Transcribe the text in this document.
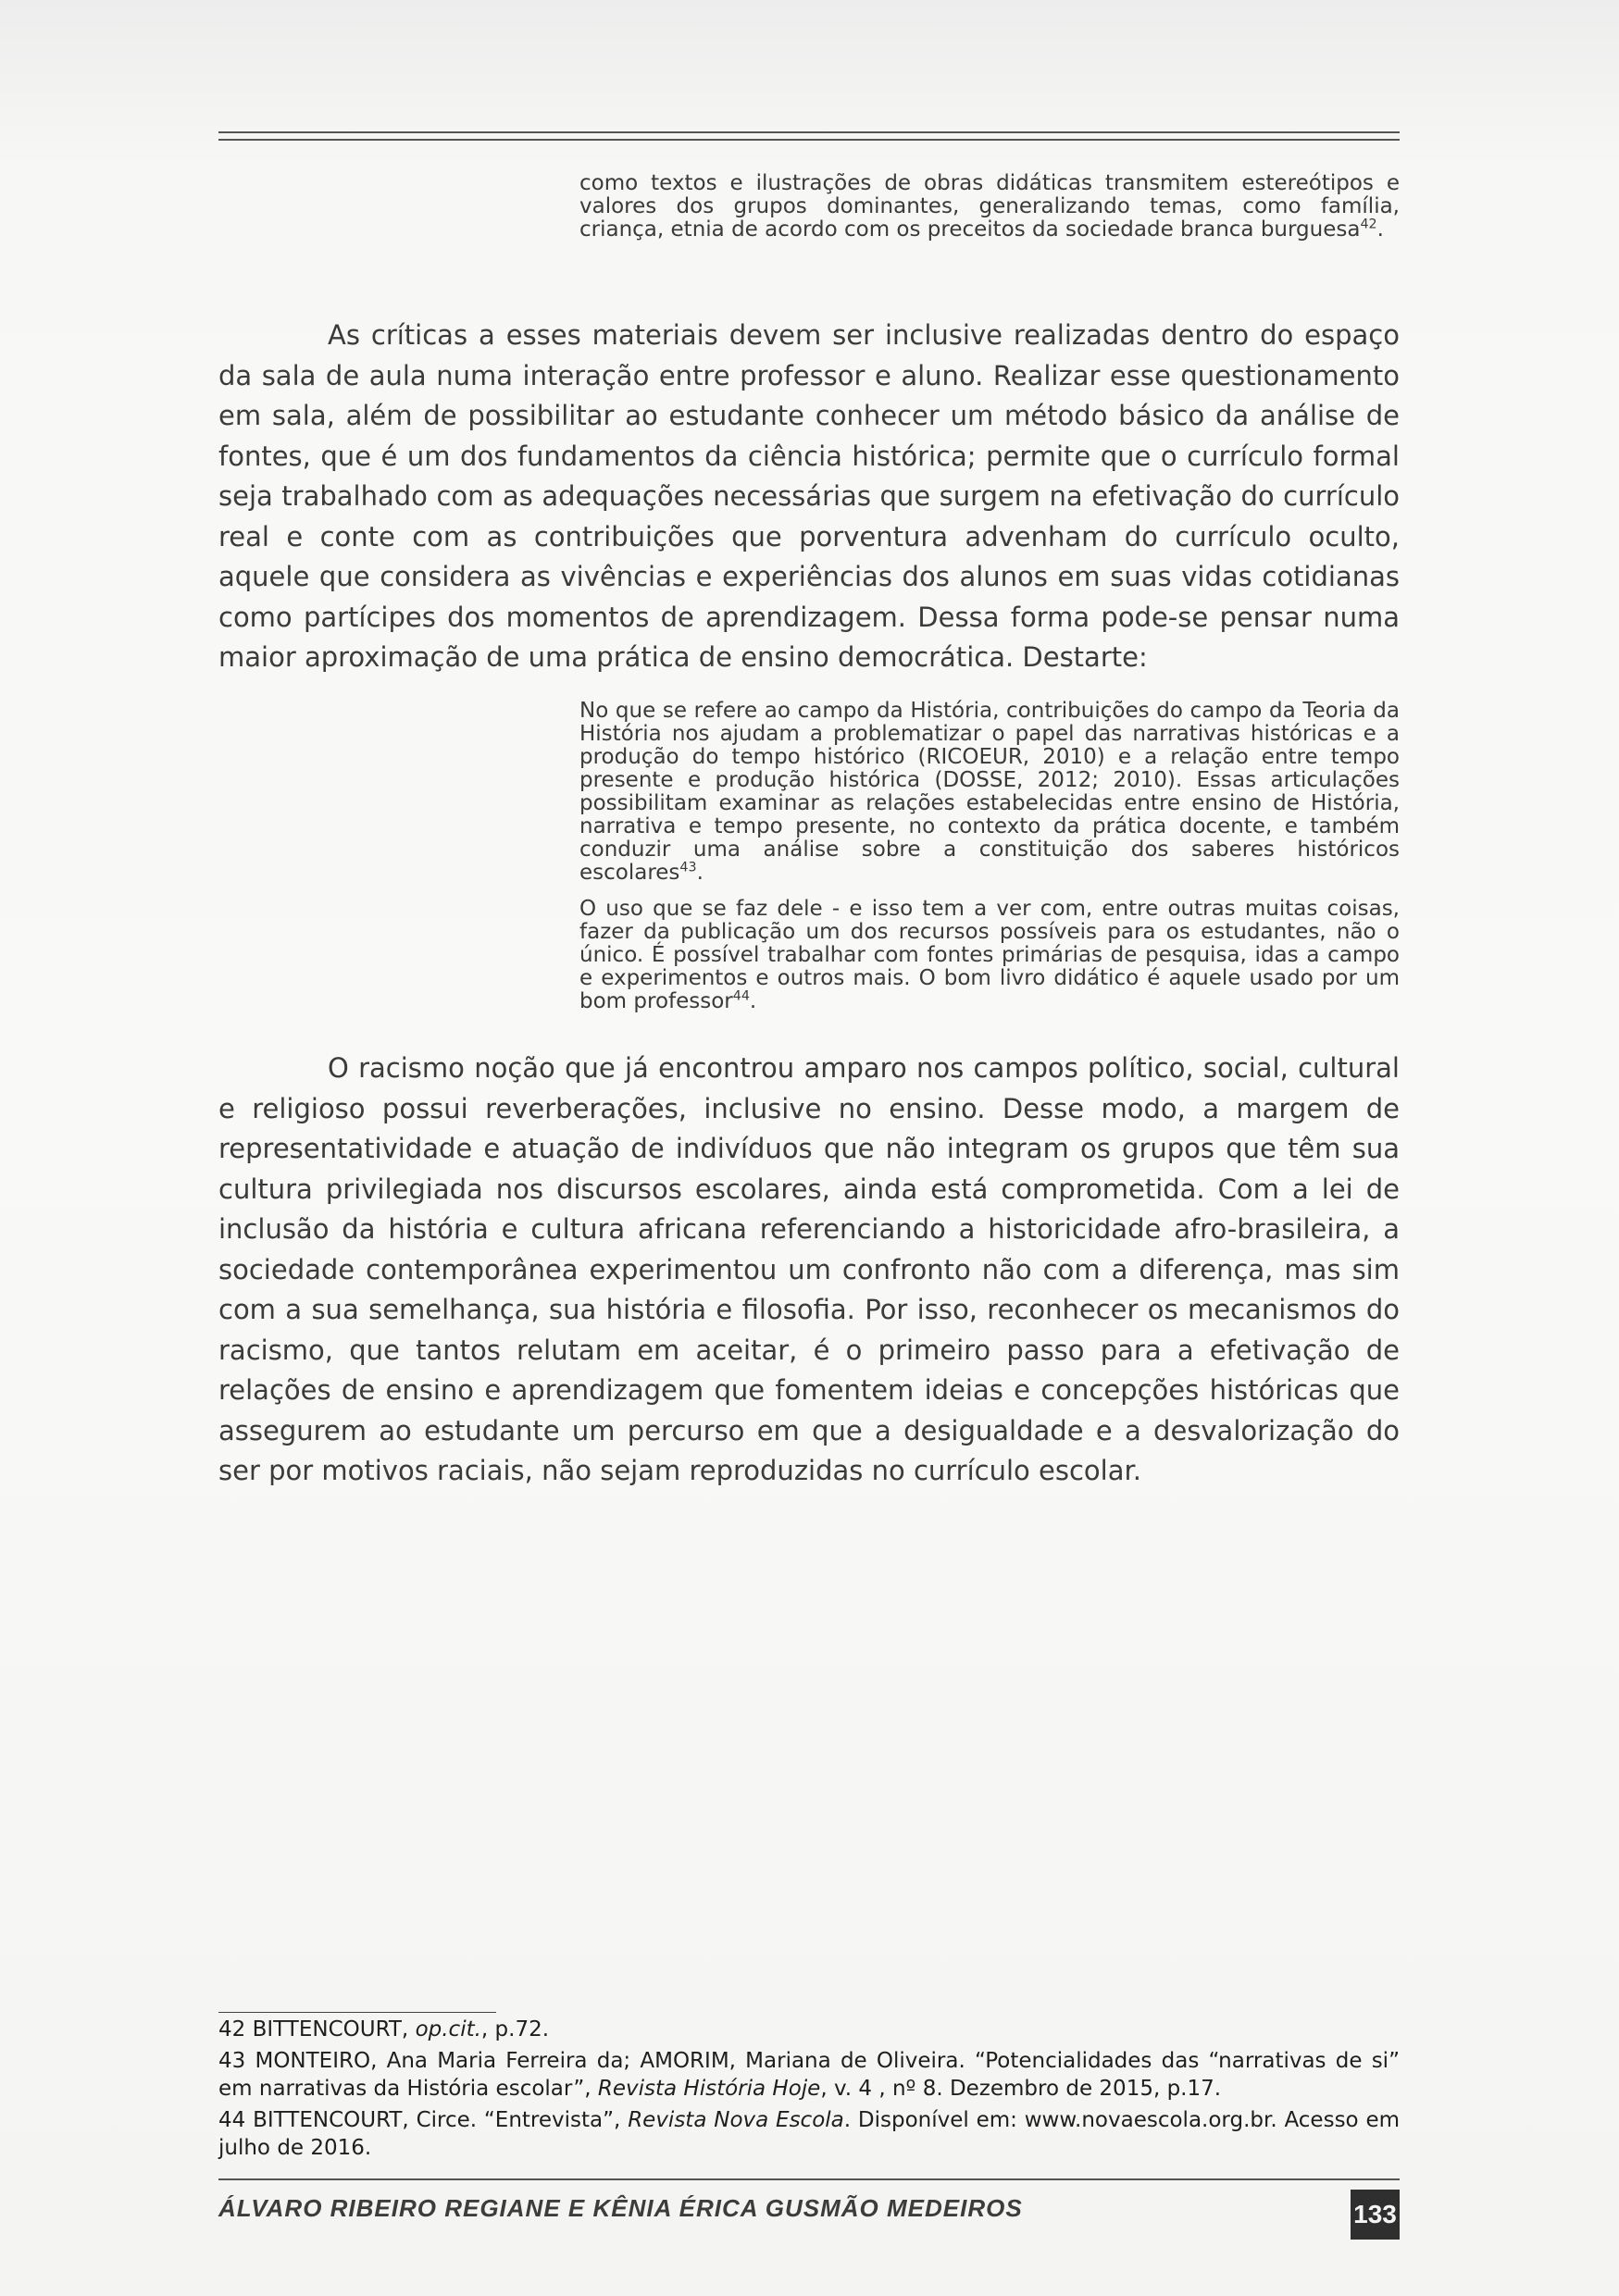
como textos e ilustrações de obras didáticas transmitem estereótipos e valores dos grupos dominantes, generalizando temas, como família, criança, etnia de acordo com os preceitos da sociedade branca burguesa$^{42}$.

As críticas a esses materiais devem ser inclusive realizadas dentro do espaço da sala de aula numa interação entre professor e aluno. Realizar esse questionamento em sala, além de possibilitar ao estudante conhecer um método básico da análise de fontes, que é um dos fundamentos da ciência histórica; permite que o currículo formal seja trabalhado com as adequações necessárias que surgem na efetivação do currículo real e conte com as contribuições que porventura advenham do currículo oculto, aquele que considera as vivências e experiências dos alunos em suas vidas cotidianas como partícipes dos momentos de aprendizagem. Dessa forma pode-se pensar numa maior aproximação de uma prática de ensino democrática. Destarte:

No que se refere ao campo da História, contribuições do campo da Teoria da História nos ajudam a problematizar o papel das narrativas históricas e a produção do tempo histórico (RICOEUR, 2010) e a relação entre tempo presente e produção histórica (DOSSE, 2012; 2010). Essas articulações possibilitam examinar as relações estabelecidas entre ensino de História, narrativa e tempo presente, no contexto da prática docente, e também conduzir uma análise sobre a constituição dos saberes históricos escolares$^{43}$.

O uso que se faz dele - e isso tem a ver com, entre outras muitas coisas, fazer da publicação um dos recursos possíveis para os estudantes, não o único. É possível trabalhar com fontes primárias de pesquisa, idas a campo e experimentos e outros mais. O bom livro didático é aquele usado por um bom professor$^{44}$.

O racismo noção que já encontrou amparo nos campos político, social, cultural e religioso possui reverberações, inclusive no ensino. Desse modo, a margem de representatividade e atuação de indivíduos que não integram os grupos que têm sua cultura privilegiada nos discursos escolares, ainda está comprometida. Com a lei de inclusão da história e cultura africana referenciando a historicidade afro-brasileira, a sociedade contemporânea experimentou um confronto não com a diferença, mas sim com a sua semelhança, sua história e filosofia. Por isso, reconhecer os mecanismos do racismo, que tantos relutam em aceitar, é o primeiro passo para a efetivação de relações de ensino e aprendizagem que fomentem ideias e concepções históricas que assegurem ao estudante um percurso em que a desigualdade e a desvalorização do ser por motivos raciais, não sejam reproduzidas no currículo escolar.

42 BITTENCOURT, op.cit., p.72.

43 MONTEIRO, Ana Maria Ferreira da; AMORIM, Mariana de Oliveira. “Potencialidades das “narrativas de si” em narrativas da História escolar”, Revista História Hoje, v. 4 , nº 8. Dezembro de 2015, p.17.

44 BITTENCOURT, Circe. “Entrevista”, Revista Nova Escola. Disponível em: www.novaescola.org.br. Acesso em julho de 2016.

ÁLVARO RIBEIRO REGIANE E KÊNIA ÉRICA GUSMÃO MEDEIROS	133
